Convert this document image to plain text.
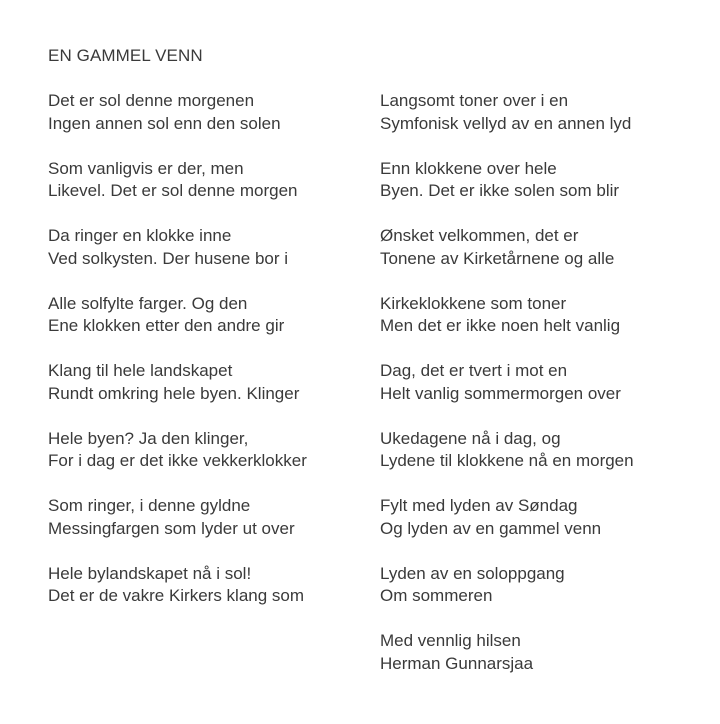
EN GAMMEL VENN
Det er sol denne morgenen
Ingen annen sol enn den solen
Som vanligvis er der, men
Likevel. Det er sol denne morgen
Da ringer en klokke inne
Ved solkysten. Der husene bor i
Alle solfylte farger. Og den
Ene klokken etter den andre gir
Klang til hele landskapet
Rundt omkring hele byen. Klinger
Hele byen? Ja den klinger,
For i dag er det ikke vekkerklokker
Som ringer, i denne gyldne
Messingfargen som lyder ut over
Hele bylandskapet nå i sol!
Det er de vakre Kirkers klang som
Langsomt toner over i en
Symfonisk vellyd av en annen lyd
Enn klokkene over hele
Byen. Det er ikke solen som blir
Ønsket velkommen, det er
Tonene av Kirketårnene og alle
Kirkeklokkene som toner
Men det er ikke noen helt vanlig
Dag, det er tvert i mot en
Helt vanlig sommermorgen over
Ukedagene nå i dag, og
Lydene til klokkene nå en morgen
Fylt med lyden av Søndag
Og lyden av en gammel venn
Lyden av en soloppgang
Om sommeren
Med vennlig hilsen
Herman Gunnarsjaa
